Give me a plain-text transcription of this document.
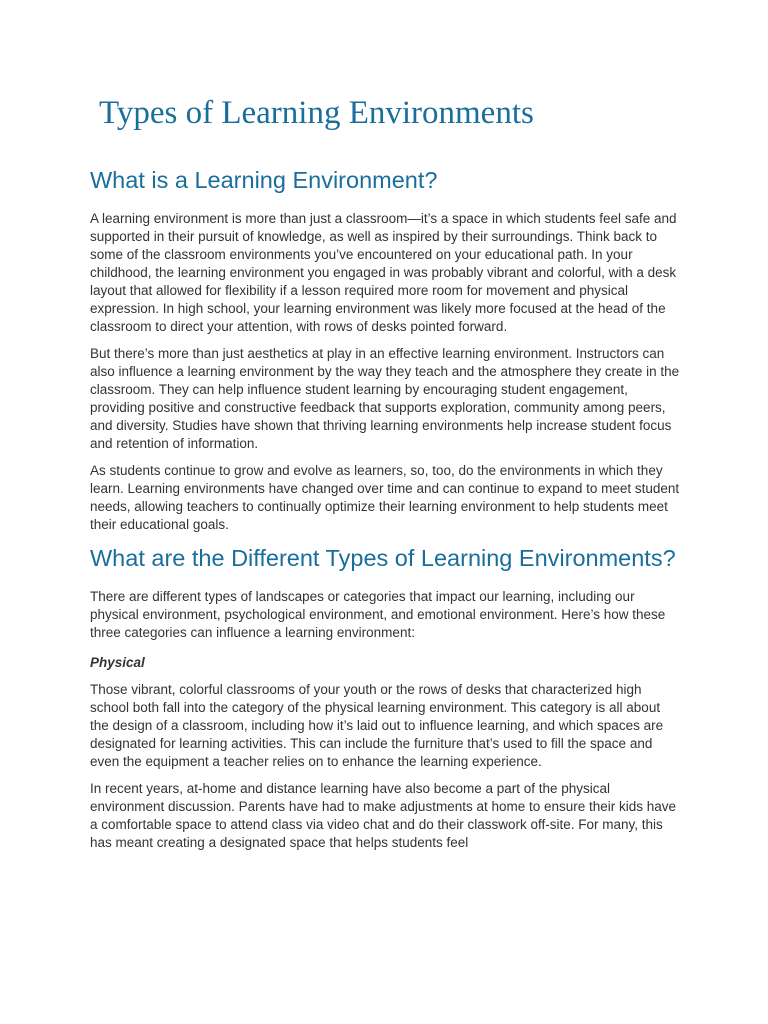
Types of Learning Environments
What is a Learning Environment?

A learning environment is more than just a classroom—it’s a space in which students feel safe and supported in their pursuit of knowledge, as well as inspired by their surroundings. Think back to some of the classroom environments you’ve encountered on your educational path. In your childhood, the learning environment you engaged in was probably vibrant and colorful, with a desk layout that allowed for flexibility if a lesson required more room for movement and physical expression. In high school, your learning environment was likely more focused at the head of the classroom to direct your attention, with rows of desks pointed forward.

But there’s more than just aesthetics at play in an effective learning environment. Instructors can also influence a learning environment by the way they teach and the atmosphere they create in the classroom. They can help influence student learning by encouraging student engagement, providing positive and constructive feedback that supports exploration, community among peers, and diversity. Studies have shown that thriving learning environments help increase student focus and retention of information.

As students continue to grow and evolve as learners, so, too, do the environments in which they learn. Learning environments have changed over time and can continue to expand to meet student needs, allowing teachers to continually optimize their learning environment to help students meet their educational goals.

What are the Different Types of Learning Environments?

There are different types of landscapes or categories that impact our learning, including our physical environment, psychological environment, and emotional environment. Here’s how these three categories can influence a learning environment:

Physical

Those vibrant, colorful classrooms of your youth or the rows of desks that characterized high school both fall into the category of the physical learning environment. This category is all about the design of a classroom, including how it’s laid out to influence learning, and which spaces are designated for learning activities. This can include the furniture that’s used to fill the space and even the equipment a teacher relies on to enhance the learning experience.

In recent years, at-home and distance learning have also become a part of the physical environment discussion. Parents have had to make adjustments at home to ensure their kids have a comfortable space to attend class via video chat and do their classwork off-site. For many, this has meant creating a designated space that helps students feel
